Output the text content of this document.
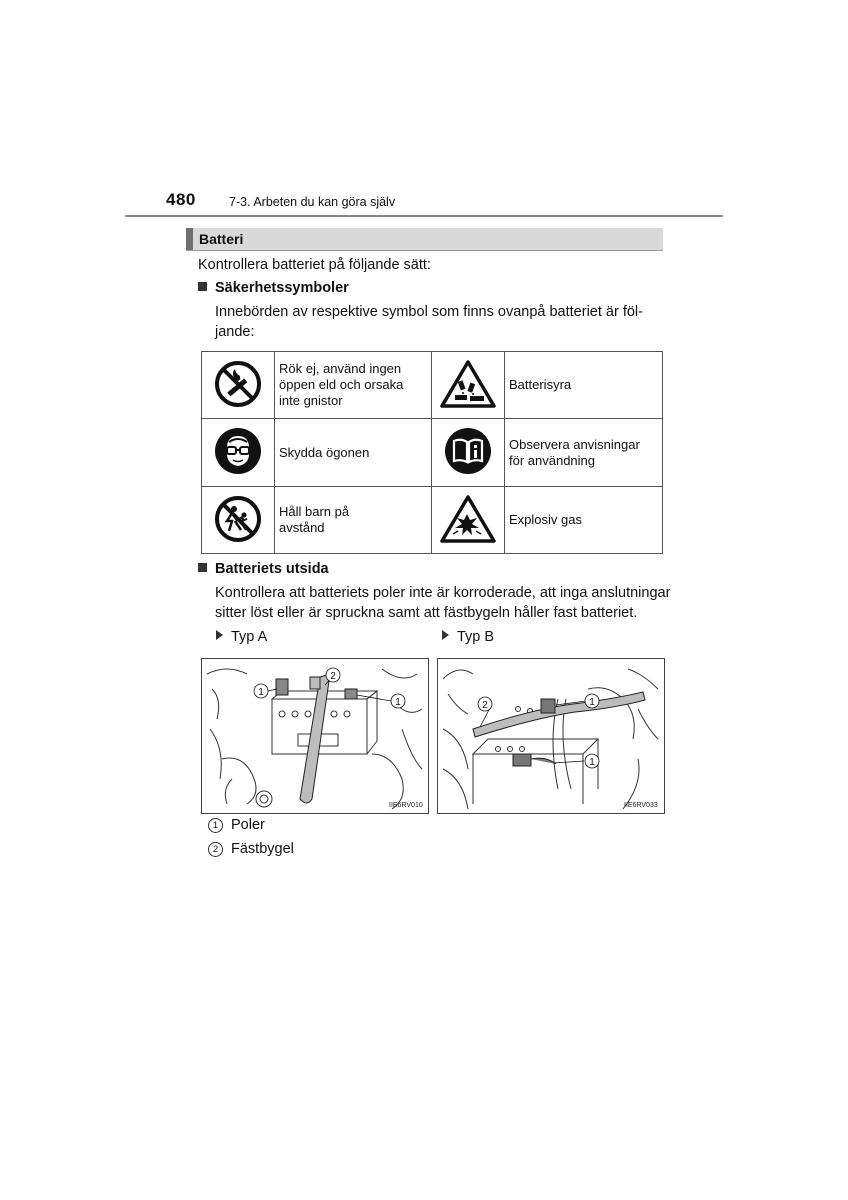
480	7-3. Arbeten du kan göra själv
Batteri
Kontrollera batteriet på följande sätt:
Säkerhetssymboler
Innebörden av respektive symbol som finns ovanpå batteriet är föl-
jande:

Rök ej, använd ingen
öppen eld och orsaka
inte gnistor		Batterisyra

Skydda ögonen		Observera anvisningar
för användning

Håll barn på
avstånd		Explosiv gas
Batteriets utsida
Kontrollera att batteriets poler inte är korroderade, att inga anslutningar
sitter löst eller är spruckna samt att fästbygeln håller fast batteriet.
Typ A	Typ B
1
2
1
IIE6RV010
2	1
1
IIE6RV033
1 Poler
2 Fästbygel
